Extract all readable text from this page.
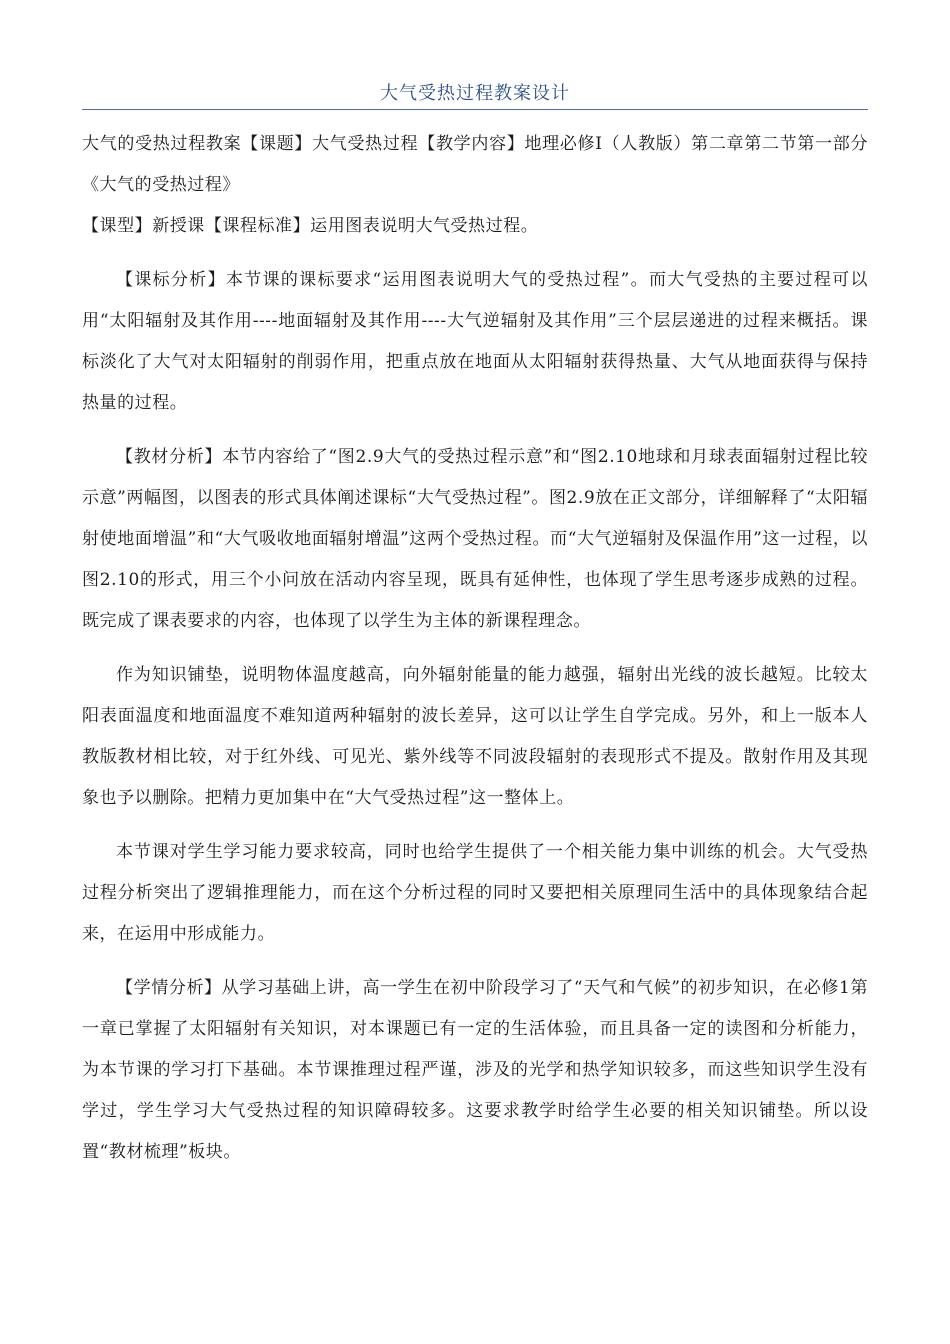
大气受热过程教案设计

大气的受热过程教案【课题】大气受热过程【教学内容】地理必修Ⅰ（人教版）第二章第二节第一部分《大气的受热过程》

【课型】新授课【课程标准】运用图表说明大气受热过程。

【课标分析】本节课的课标要求“运用图表说明大气的受热过程”。而大气受热的主要过程可以用“太阳辐射及其作用----地面辐射及其作用----大气逆辐射及其作用”三个层层递进的过程来概括。课标淡化了大气对太阳辐射的削弱作用，把重点放在地面从太阳辐射获得热量、大气从地面获得与保持热量的过程。

【教材分析】本节内容给了“图2.9大气的受热过程示意”和“图2.10地球和月球表面辐射过程比较示意”两幅图，以图表的形式具体阐述课标“大气受热过程”。图2.9放在正文部分，详细解释了“太阳辐射使地面增温”和“大气吸收地面辐射增温”这两个受热过程。而“大气逆辐射及保温作用”这一过程，以图2.10的形式，用三个小问放在活动内容呈现，既具有延伸性，也体现了学生思考逐步成熟的过程。既完成了课表要求的内容，也体现了以学生为主体的新课程理念。

作为知识铺垫，说明物体温度越高，向外辐射能量的能力越强，辐射出光线的波长越短。比较太阳表面温度和地面温度不难知道两种辐射的波长差异，这可以让学生自学完成。另外，和上一版本人教版教材相比较，对于红外线、可见光、紫外线等不同波段辐射的表现形式不提及。散射作用及其现象也予以删除。把精力更加集中在“大气受热过程”这一整体上。

本节课对学生学习能力要求较高，同时也给学生提供了一个相关能力集中训练的机会。大气受热过程分析突出了逻辑推理能力，而在这个分析过程的同时又要把相关原理同生活中的具体现象结合起来，在运用中形成能力。

【学情分析】从学习基础上讲，高一学生在初中阶段学习了“天气和气候”的初步知识，在必修1第一章已掌握了太阳辐射有关知识，对本课题已有一定的生活体验，而且具备一定的读图和分析能力，为本节课的学习打下基础。本节课推理过程严谨，涉及的光学和热学知识较多，而这些知识学生没有学过，学生学习大气受热过程的知识障碍较多。这要求教学时给学生必要的相关知识铺垫。所以设置“教材梳理”板块。
